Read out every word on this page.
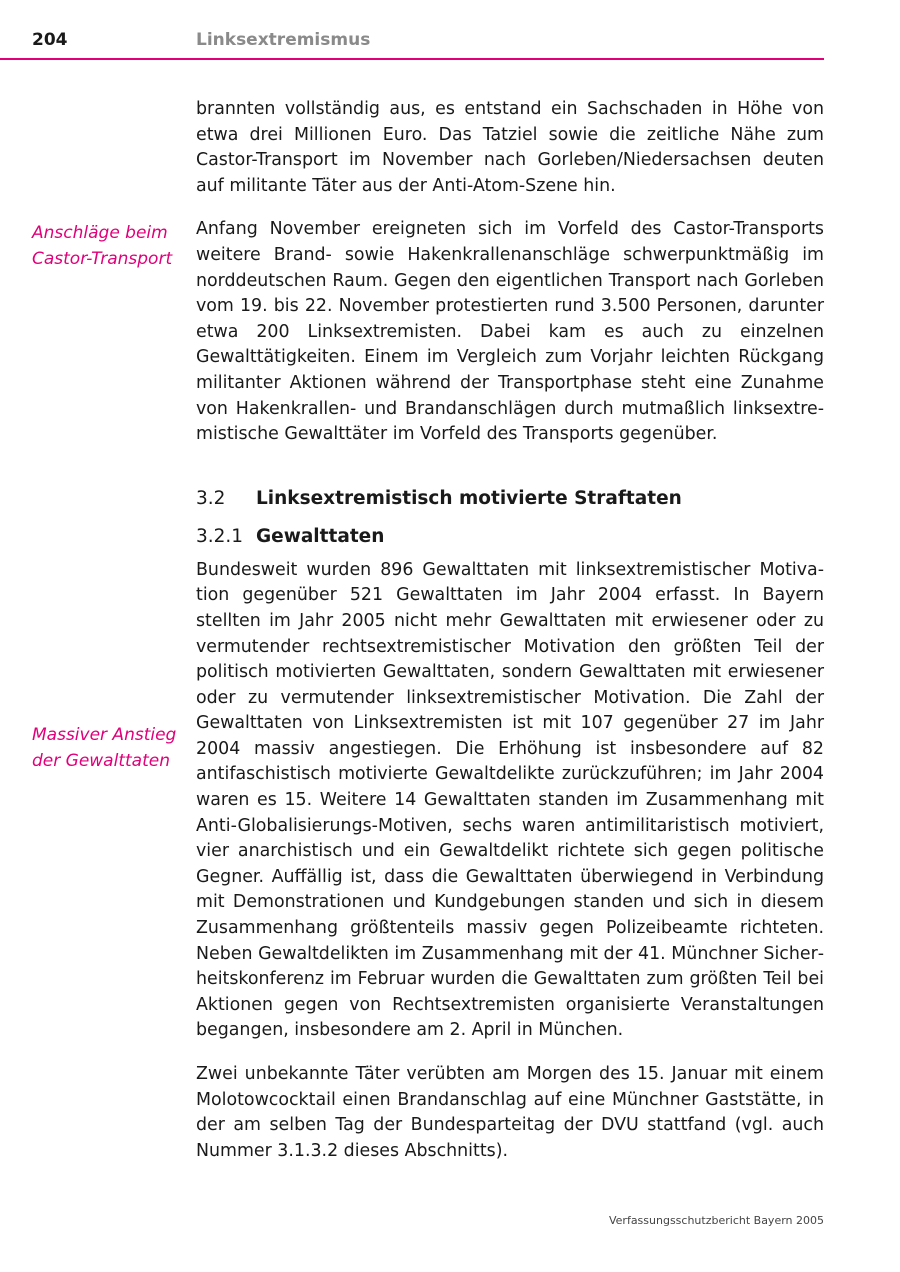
204	Linksextremismus
Anschläge beim Castor-Transport
Massiver Anstieg der Gewalttaten

brannten vollständig aus, es entstand ein Sachschaden in Höhe von etwa drei Millionen Euro. Das Tatziel sowie die zeitliche Nähe zum Castor-Transport im November nach Gorleben/Niedersachsen deuten auf militante Täter aus der Anti-Atom-Szene hin.

Anfang November ereigneten sich im Vorfeld des Castor-Transports weitere Brand- sowie Hakenkrallenanschläge schwerpunktmäßig im norddeutschen Raum. Gegen den eigentlichen Transport nach Gorleben vom 19. bis 22. November protestierten rund 3.500 Personen, darunter etwa 200 Linksextremisten. Dabei kam es auch zu einzelnen Gewalttätigkeiten. Einem im Vergleich zum Vorjahr leichten Rückgang militanter Aktionen während der Transportphase steht eine Zunahme von Hakenkrallen- und Brandanschlägen durch mutmaßlich linksextremistische Gewalttäter im Vorfeld des Transports gegenüber.

3.2	Linksextremistisch motivierte Straftaten
3.2.1 Gewalttaten

Bundesweit wurden 896 Gewalttaten mit linksextremistischer Motivation gegenüber 521 Gewalttaten im Jahr 2004 erfasst. In Bayern stellten im Jahr 2005 nicht mehr Gewalttaten mit erwiesener oder zu vermutender rechtsextremistischer Motivation den größten Teil der politisch motivierten Gewalttaten, sondern Gewalttaten mit erwiesener oder zu vermutender linksextremistischer Motivation. Die Zahl der Gewalttaten von Linksextremisten ist mit 107 gegenüber 27 im Jahr 2004 massiv angestiegen. Die Erhöhung ist insbesondere auf 82 antifaschistisch motivierte Gewaltdelikte zurückzuführen; im Jahr 2004 waren es 15. Weitere 14 Gewalttaten standen im Zusammenhang mit Anti-Globalisierungs-Motiven, sechs waren antimilitaristisch motiviert, vier anarchistisch und ein Gewaltdelikt richtete sich gegen politische Gegner. Auffällig ist, dass die Gewalttaten überwiegend in Verbindung mit Demonstrationen und Kundgebungen standen und sich in diesem Zusammenhang größtenteils massiv gegen Polizeibeamte richteten. Neben Gewaltdelikten im Zusammenhang mit der 41. Münchner Sicherheitskonferenz im Februar wurden die Gewalttaten zum größten Teil bei Aktionen gegen von Rechtsextremisten organisierte Veranstaltungen begangen, insbesondere am 2. April in München.

Zwei unbekannte Täter verübten am Morgen des 15. Januar mit einem Molotowcocktail einen Brandanschlag auf eine Münchner Gaststätte, in der am selben Tag der Bundesparteitag der DVU stattfand (vgl. auch Nummer 3.1.3.2 dieses Abschnitts).

Verfassungsschutzbericht Bayern 2005
